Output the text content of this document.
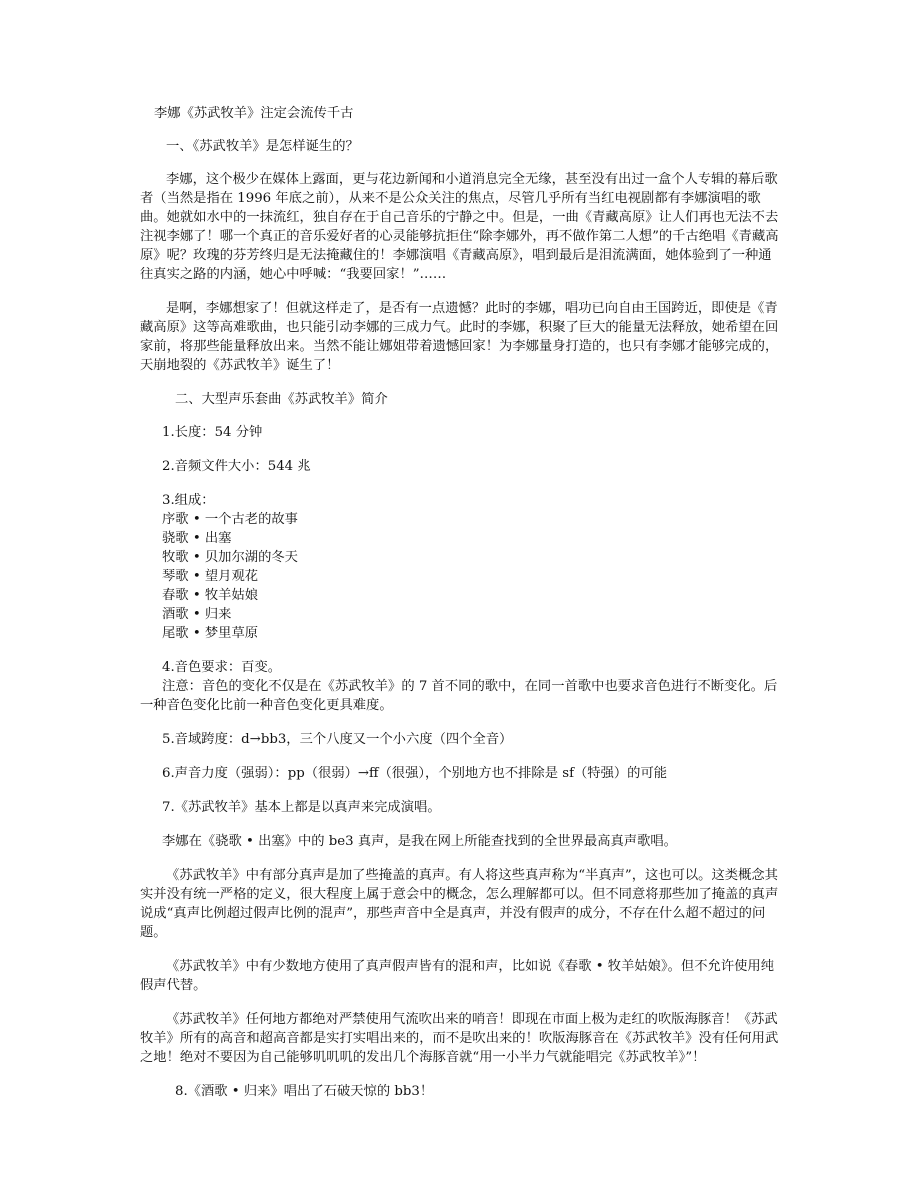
李娜《苏武牧羊》注定会流传千古

一、《苏武牧羊》是怎样诞生的？

李娜，这个极少在媒体上露面，更与花边新闻和小道消息完全无缘，甚至没有出过一盒个人专辑的幕后歌者（当然是指在 1996 年底之前），从来不是公众关注的焦点，尽管几乎所有当红电视剧都有李娜演唱的歌曲。她就如水中的一抹流红，独自存在于自己音乐的宁静之中。但是，一曲《青藏高原》让人们再也无法不去注视李娜了！哪一个真正的音乐爱好者的心灵能够抗拒住“除李娜外，再不做作第二人想”的千古绝唱《青藏高原》呢？玫瑰的芬芳终归是无法掩藏住的！李娜演唱《青藏高原》，唱到最后是泪流满面，她体验到了一种通往真实之路的内涵，她心中呼喊：“我要回家！”……

是啊，李娜想家了！但就这样走了，是否有一点遗憾？此时的李娜，唱功已向自由王国跨近，即使是《青藏高原》这等高难歌曲，也只能引动李娜的三成力气。此时的李娜，积聚了巨大的能量无法释放，她希望在回家前，将那些能量释放出来。当然不能让娜姐带着遗憾回家！为李娜量身打造的，也只有李娜才能够完成的，天崩地裂的《苏武牧羊》诞生了！

二、大型声乐套曲《苏武牧羊》简介

1.长度：54 分钟

2.音频文件大小：544 兆

3.组成：

序歌 • 一个古老的故事

骁歌 • 出塞

牧歌 • 贝加尔湖的冬天

琴歌 • 望月观花

春歌 • 牧羊姑娘

酒歌 • 归来

尾歌 • 梦里草原

4.音色要求：百变。

注意：音色的变化不仅是在《苏武牧羊》的 7 首不同的歌中，在同一首歌中也要求音色进行不断变化。后一种音色变化比前一种音色变化更具难度。

5.音域跨度：d→bb3，三个八度又一个小六度（四个全音）

6.声音力度（强弱）：pp（很弱）→ff（很强），个别地方也不排除是 sf（特强）的可能

7.《苏武牧羊》基本上都是以真声来完成演唱。

李娜在《骁歌 • 出塞》中的 be3 真声，是我在网上所能查找到的全世界最高真声歌唱。

《苏武牧羊》中有部分真声是加了些掩盖的真声。有人将这些真声称为“半真声”，这也可以。这类概念其实并没有统一严格的定义，很大程度上属于意会中的概念，怎么理解都可以。但不同意将那些加了掩盖的真声说成“真声比例超过假声比例的混声”，那些声音中全是真声，并没有假声的成分，不存在什么超不超过的问题。

《苏武牧羊》中有少数地方使用了真声假声皆有的混和声，比如说《春歌 • 牧羊姑娘》。但不允许使用纯假声代替。

《苏武牧羊》任何地方都绝对严禁使用气流吹出来的哨音！即现在市面上极为走红的吹版海豚音！《苏武牧羊》所有的高音和超高音都是实打实唱出来的，而不是吹出来的！吹版海豚音在《苏武牧羊》没有任何用武之地！绝对不要因为自己能够叽叽叽的发出几个海豚音就“用一小半力气就能唱完《苏武牧羊》”！

8.《酒歌 • 归来》唱出了石破天惊的 bb3！
